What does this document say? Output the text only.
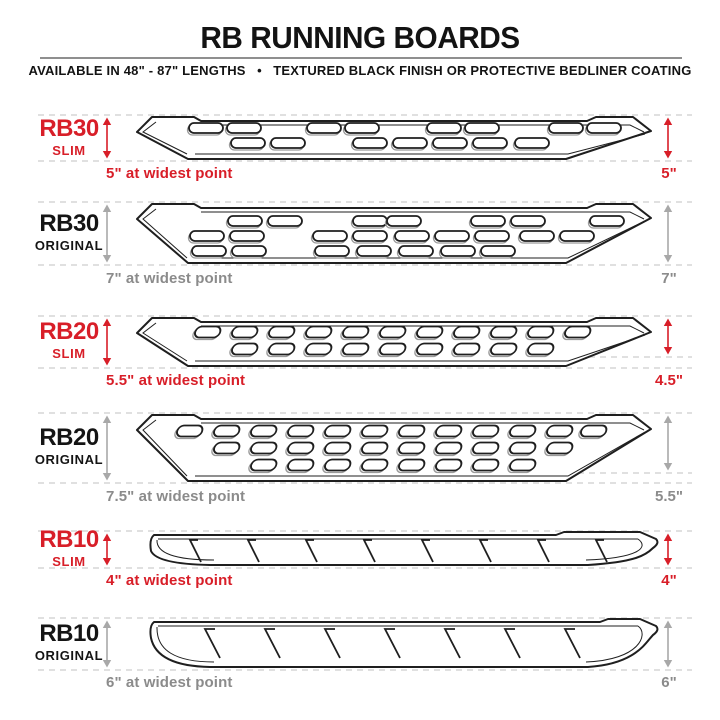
RB RUNNING BOARDS
AVAILABLE IN 48" - 87" LENGTHS   •   TEXTURED BLACK FINISH OR PROTECTIVE BEDLINER COATING
RB30
SLIM
RB30
ORIGINAL
RB20
SLIM
RB20
ORIGINAL
RB10
SLIM
RB10
ORIGINAL
5" at widest point
7" at widest point
5.5" at widest point
7.5" at widest point
4" at widest point
6" at widest point
5"
7"
4.5"
5.5"
4"
6"
